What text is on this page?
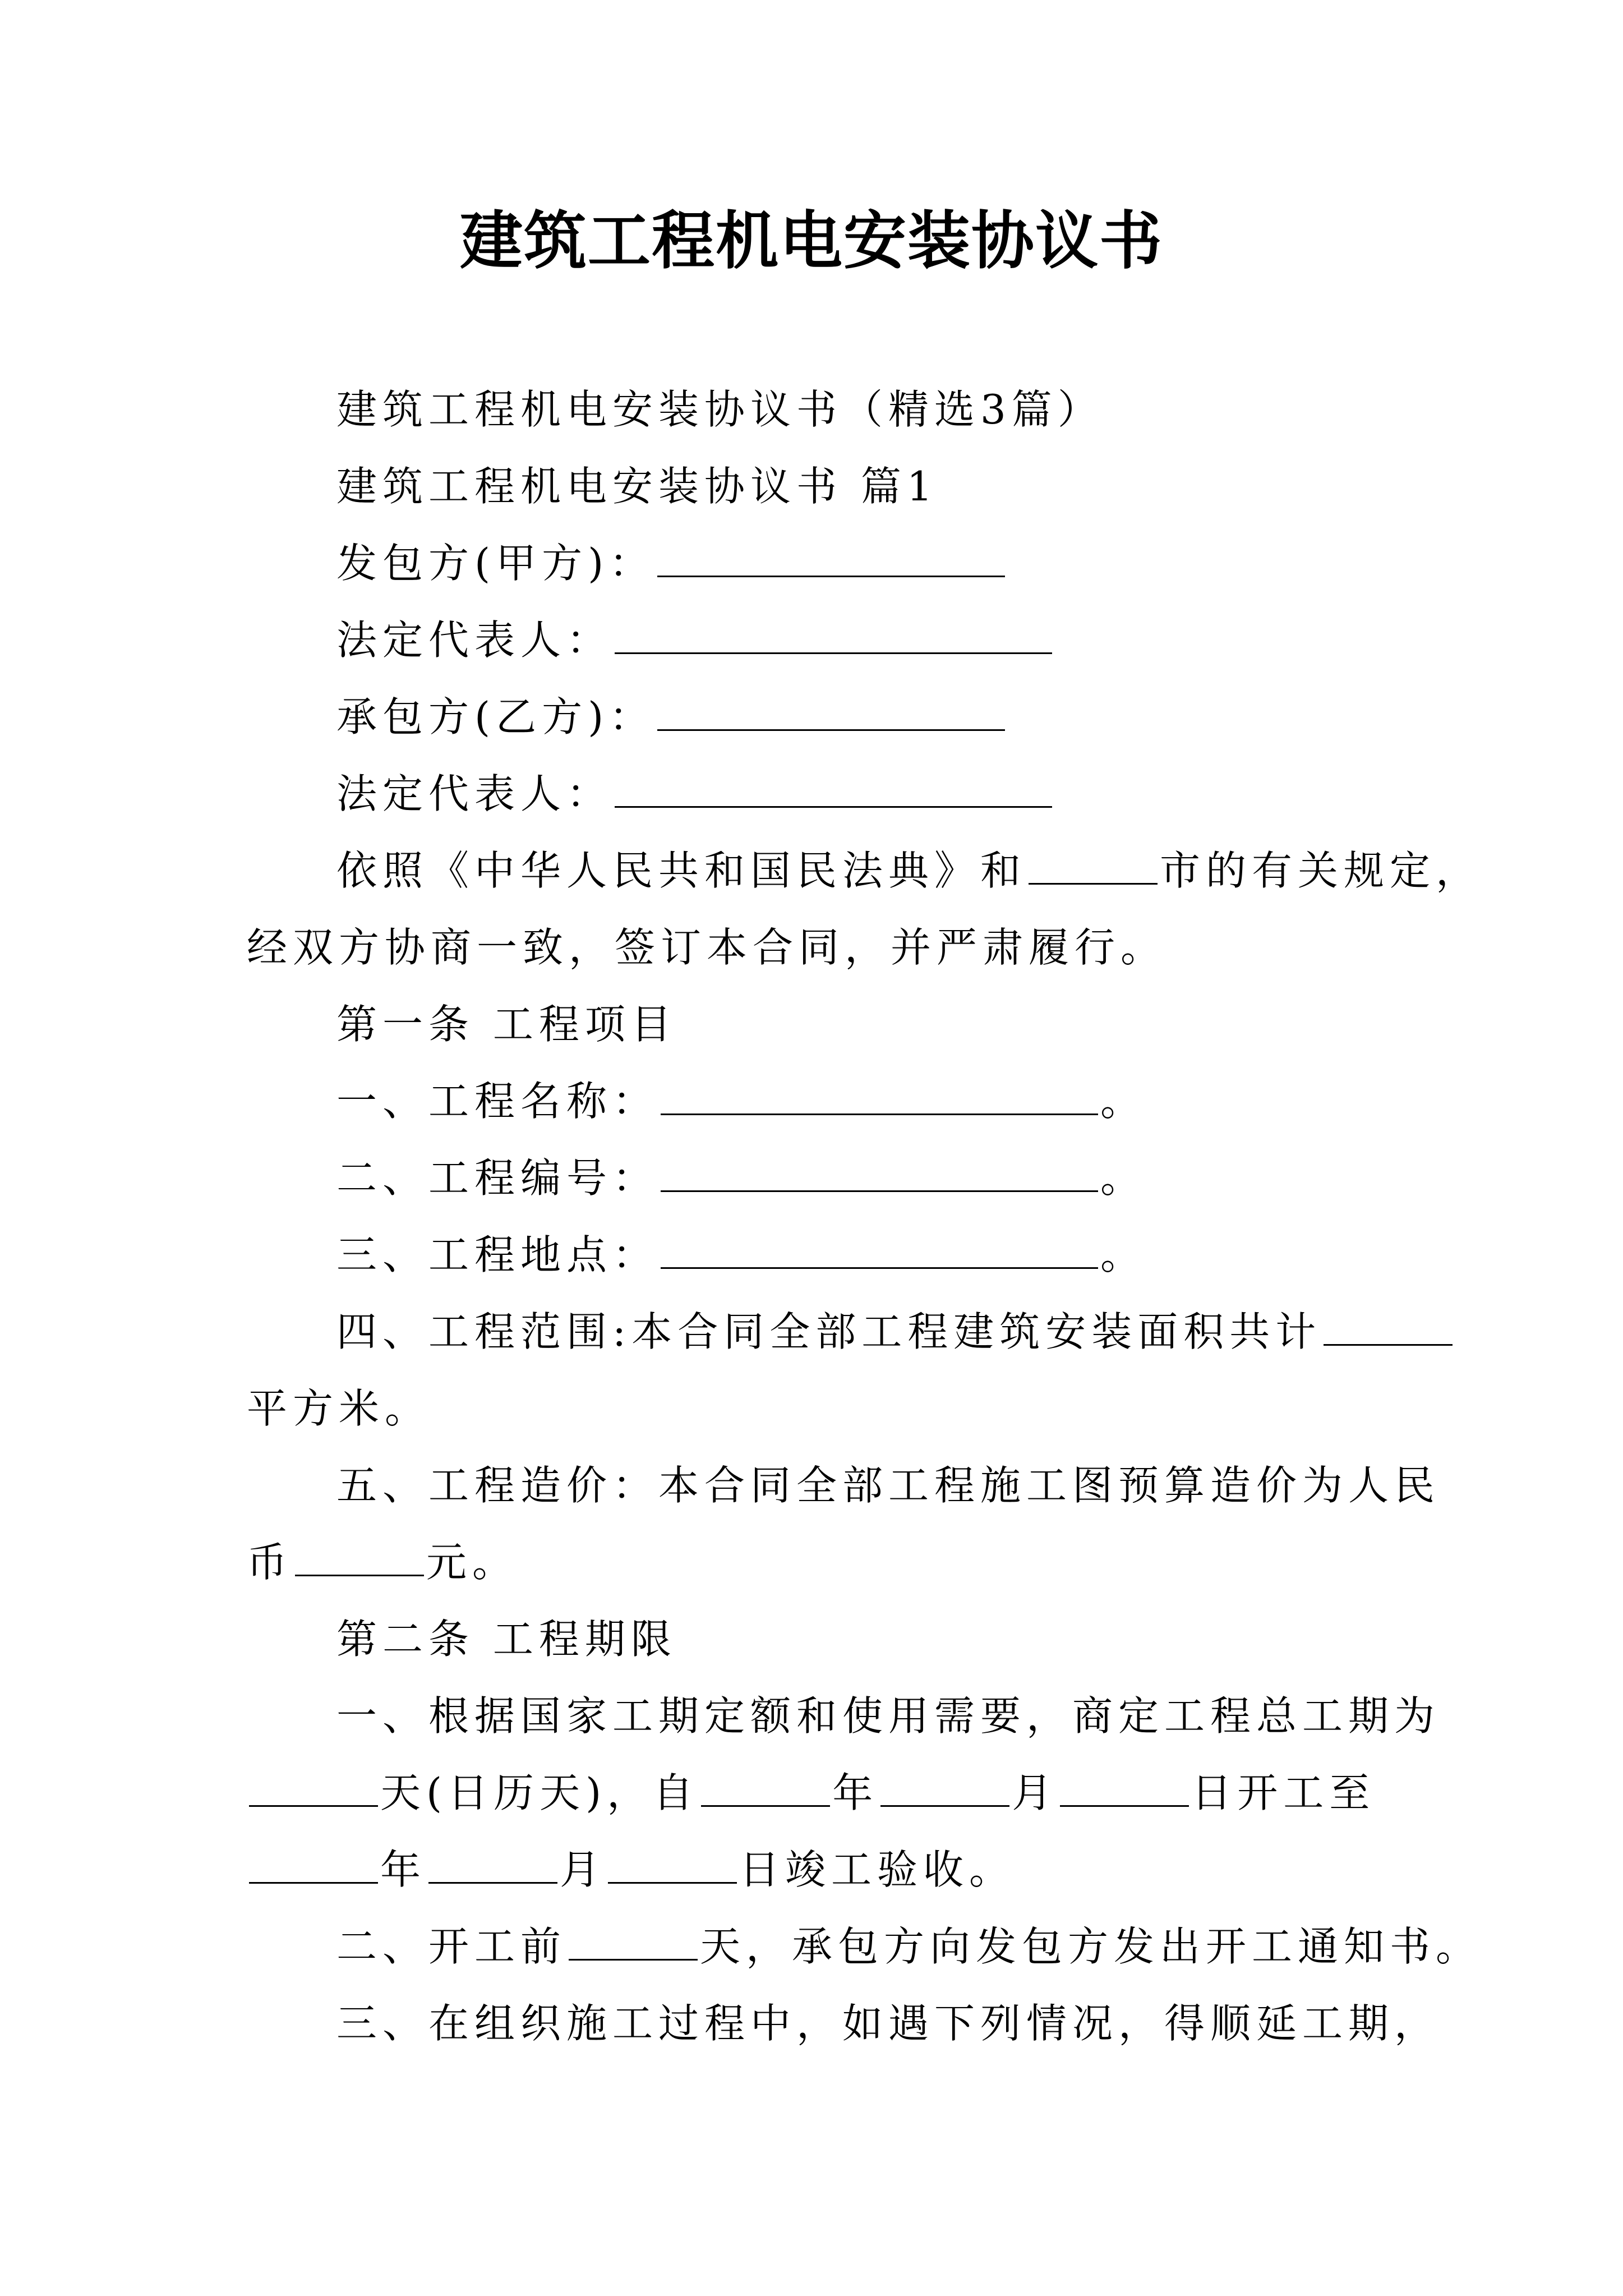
建筑工程机电安装协议书
建筑工程机电安装协议书（精选3篇）
建筑工程机电安装协议书 篇1
发包方(甲方)：
法定代表人：
承包方(乙方)：
法定代表人：
依照《中华人民共和国民法典》和	市的有关规定，
经双方协商一致，签订本合同，并严肃履行。
第一条 工程项目
一、工程名称：	。
二、工程编号：	。
三、工程地点：	。
四、工程范围:本合同全部工程建筑安装面积共计
平方米。
五、工程造价：本合同全部工程施工图预算造价为人民
币	元。
第二条 工程期限
一、根据国家工期定额和使用需要，商定工程总工期为
天(日历天)，自	年	月	日开工至
年	月	日竣工验收。
二、开工前	天，承包方向发包方发出开工通知书。
三、在组织施工过程中，如遇下列情况，得顺延工期，
